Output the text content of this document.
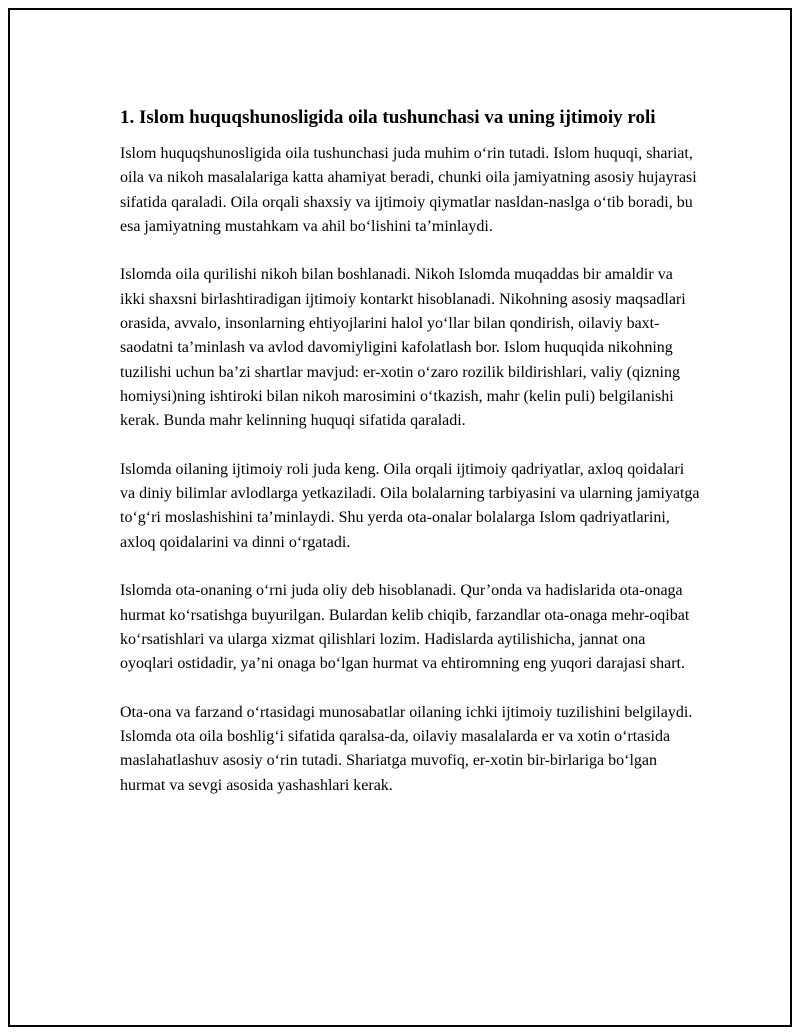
1. Islom huquqshunosligida oila tushunchasi va uning ijtimoiy roli

Islom huquqshunosligida oila tushunchasi juda muhim o‘rin tutadi. Islom huquqi, shariat, oila va nikoh masalalariga katta ahamiyat beradi, chunki oila jamiyatning asosiy hujayrasi sifatida qaraladi. Oila orqali shaxsiy va ijtimoiy qiymatlar nasldan-naslga o‘tib boradi, bu esa jamiyatning mustahkam va ahil bo‘lishini ta’minlaydi.

Islomda oila qurilishi nikoh bilan boshlanadi. Nikoh Islomda muqaddas bir amaldir va ikki shaxsni birlashtiradigan ijtimoiy kontarkt hisoblanadi. Nikohning asosiy maqsadlari orasida, avvalo, insonlarning ehtiyojlarini halol yo‘llar bilan qondirish, oilaviy baxt-saodatni ta’minlash va avlod davomiyligini kafolatlash bor. Islom huquqida nikohning tuzilishi uchun ba’zi shartlar mavjud: er-xotin o‘zaro rozilik bildirishlari, valiy (qizning homiysi)ning ishtiroki bilan nikoh marosimini o‘tkazish, mahr (kelin puli) belgilanishi kerak. Bunda mahr kelinning huquqi sifatida qaraladi.

Islomda oilaning ijtimoiy roli juda keng. Oila orqali ijtimoiy qadriyatlar, axloq qoidalari va diniy bilimlar avlodlarga yetkaziladi. Oila bolalarning tarbiyasini va ularning jamiyatga to‘g‘ri moslashishini ta’minlaydi. Shu yerda ota-onalar bolalarga Islom qadriyatlarini, axloq qoidalarini va dinni o‘rgatadi.

Islomda ota-onaning o‘rni juda oliy deb hisoblanadi. Qur’onda va hadislarida ota-onaga hurmat ko‘rsatishga buyurilgan. Bulardan kelib chiqib, farzandlar ota-onaga mehr-oqibat ko‘rsatishlari va ularga xizmat qilishlari lozim. Hadislarda aytilishicha, jannat ona oyoqlari ostidadir, ya’ni onaga bo‘lgan hurmat va ehtiromning eng yuqori darajasi shart.

Ota-ona va farzand o‘rtasidagi munosabatlar oilaning ichki ijtimoiy tuzilishini belgilaydi. Islomda ota oila boshlig‘i sifatida qaralsa-da, oilaviy masalalarda er va xotin o‘rtasida maslahatlashuv asosiy o‘rin tutadi. Shariatga muvofiq, er-xotin bir-birlariga bo‘lgan hurmat va sevgi asosida yashashlari kerak.
